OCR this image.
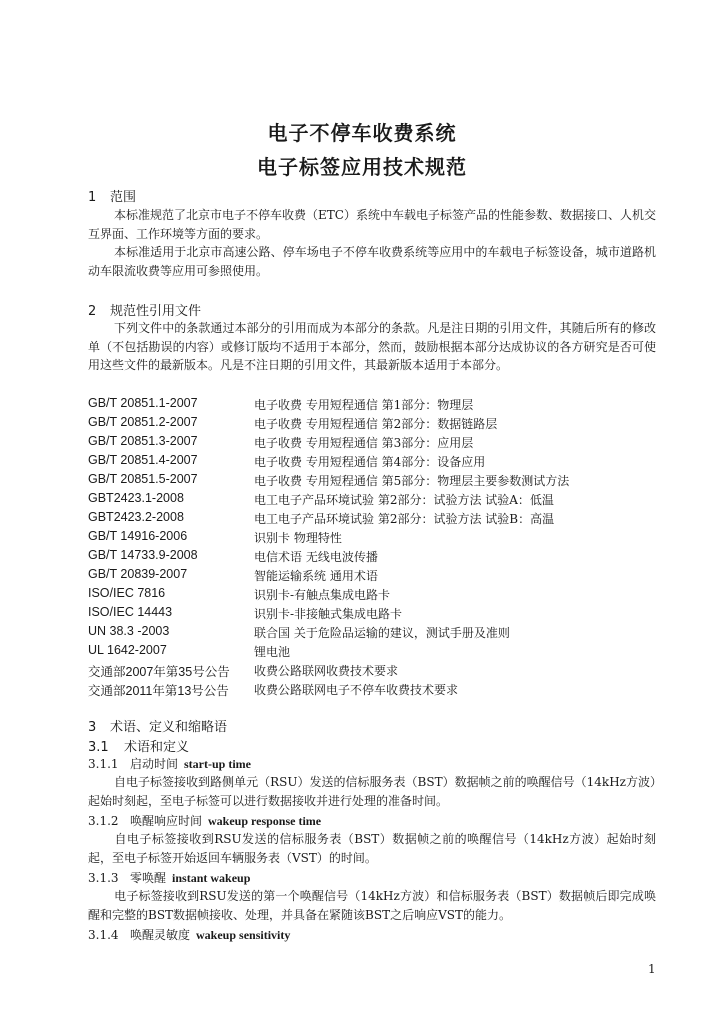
电子不停车收费系统
电子标签应用技术规范
1 范围

本标准规范了北京市电子不停车收费（ETC）系统中车载电子标签产品的性能参数、数据接口、人机交互界面、工作环境等方面的要求。

本标准适用于北京市高速公路、停车场电子不停车收费系统等应用中的车载电子标签设备，城市道路机动车限流收费等应用可参照使用。

2 规范性引用文件

下列文件中的条款通过本部分的引用而成为本部分的条款。凡是注日期的引用文件，其随后所有的修改单（不包括勘误的内容）或修订版均不适用于本部分，然而，鼓励根据本部分达成协议的各方研究是否可使用这些文件的最新版本。凡是不注日期的引用文件，其最新版本适用于本部分。

GB/T 20851.1-2007	电子收费 专用短程通信 第1部分：物理层
GB/T 20851.2-2007	电子收费 专用短程通信 第2部分：数据链路层
GB/T 20851.3-2007	电子收费 专用短程通信 第3部分：应用层
GB/T 20851.4-2007	电子收费 专用短程通信 第4部分：设备应用
GB/T 20851.5-2007	电子收费 专用短程通信 第5部分：物理层主要参数测试方法
GBT2423.1-2008	电工电子产品环境试验 第2部分：试验方法 试验A：低温
GBT2423.2-2008	电工电子产品环境试验 第2部分：试验方法 试验B：高温
GB/T 14916-2006	识别卡 物理特性
GB/T 14733.9-2008	电信术语 无线电波传播
GB/T 20839-2007	智能运输系统 通用术语
ISO/IEC 7816	识别卡-有触点集成电路卡
ISO/IEC 14443	识别卡-非接触式集成电路卡
UN 38.3 -2003	联合国 关于危险品运输的建议，测试手册及准则
UL 1642-2007	锂电池
交通部2007年第35号公告 收费公路联网收费技术要求
交通部2011年第13号公告 收费公路联网电子不停车收费技术要求
3 术语、定义和缩略语
3.1 术语和定义
3.1.1 启动时间 start-up time

自电子标签接收到路侧单元（RSU）发送的信标服务表（BST）数据帧之前的唤醒信号（14kHz方波）起始时刻起，至电子标签可以进行数据接收并进行处理的准备时间。

3.1.2 唤醒响应时间 wakeup response time

自电子标签接收到RSU发送的信标服务表（BST）数据帧之前的唤醒信号（14kHz方波）起始时刻起，至电子标签开始返回车辆服务表（VST）的时间。

3.1.3 零唤醒 instant wakeup

电子标签接收到RSU发送的第一个唤醒信号（14kHz方波）和信标服务表（BST）数据帧后即完成唤醒和完整的BST数据帧接收、处理，并具备在紧随该BST之后响应VST的能力。

3.1.4 唤醒灵敏度 wakeup sensitivity
1
